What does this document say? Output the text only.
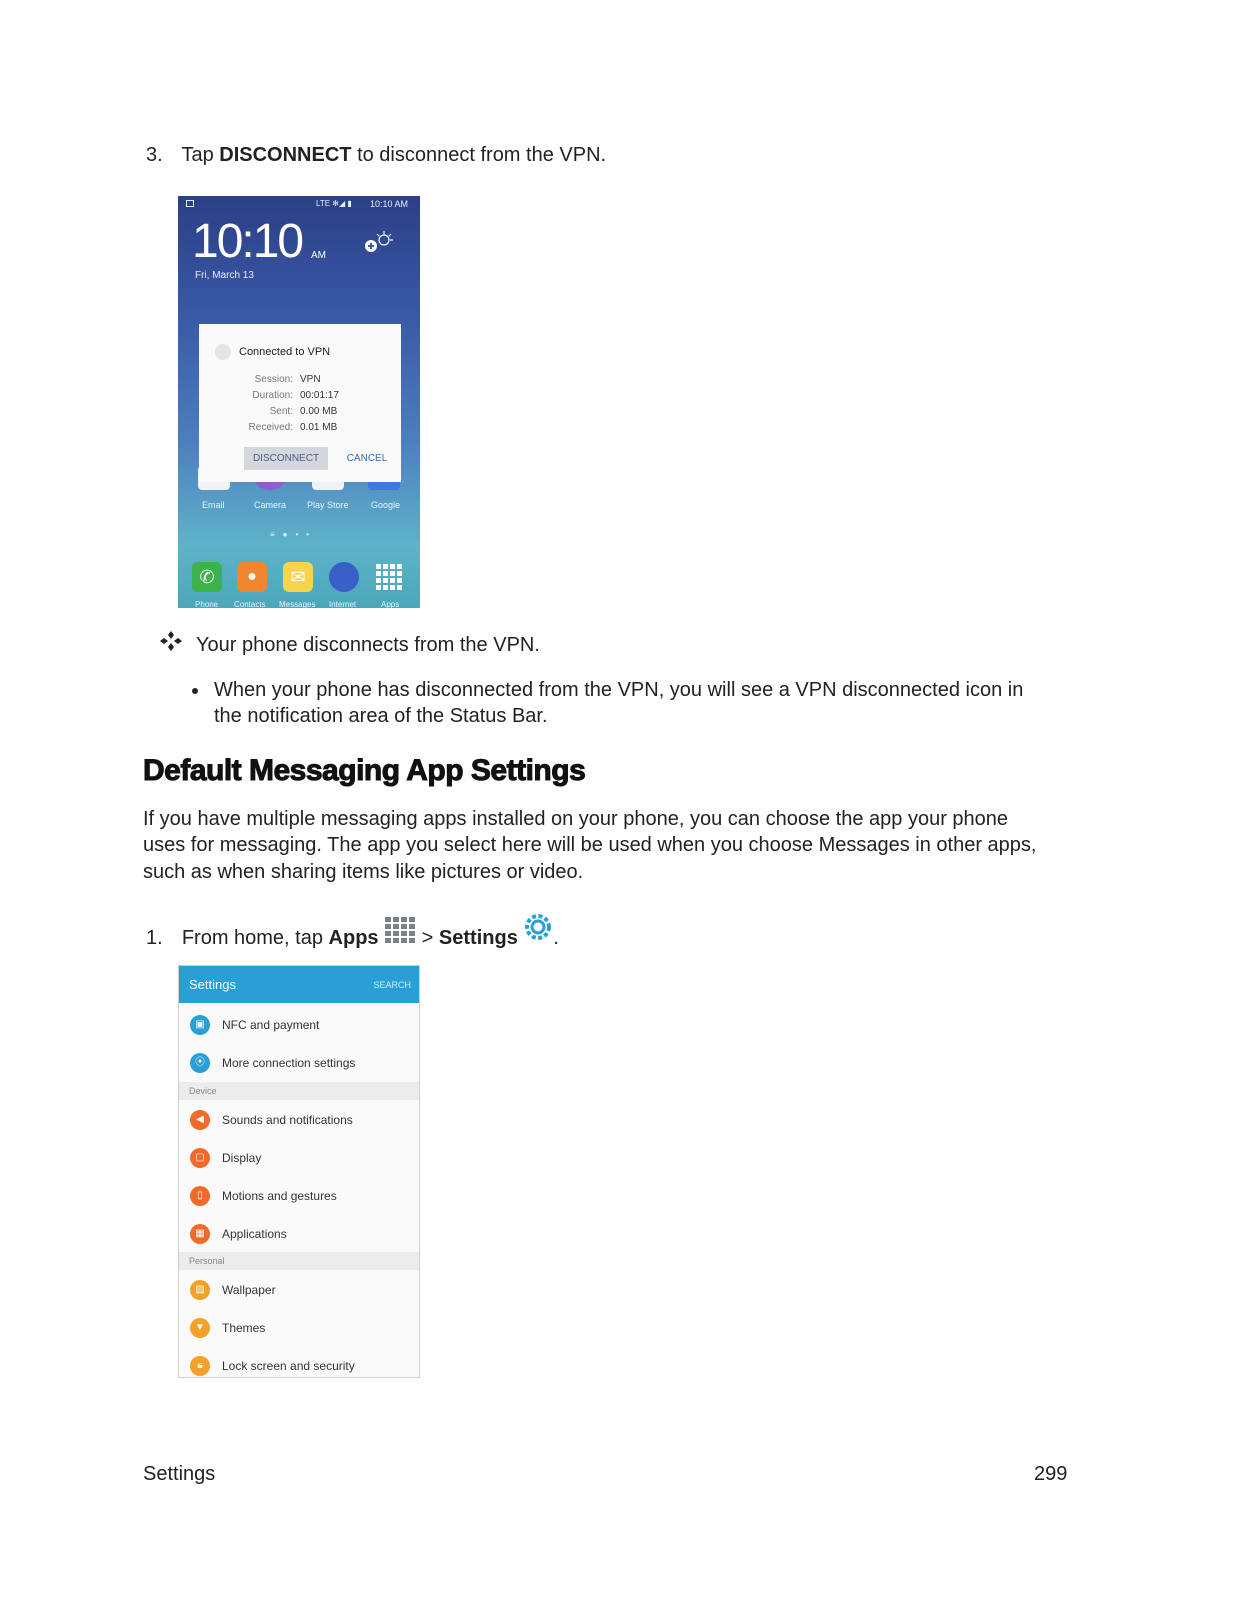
3. Tap DISCONNECT to disconnect from the VPN.
LTE ✻◢ ▮ 10:10 AM
10:10 AM
Fri, March 13
Connected to VPN
Session: VPN
Duration: 00:01:17
Sent: 0.00 MB
Received: 0.01 MB
DISCONNECT	CANCEL
Email	Camera Play Store Google
≡●••
✆	●	✉
Phone Contacts Messages Internet	Apps
Your phone disconnects from the VPN.
When your phone has disconnected from the VPN, you will see a VPN disconnected icon in
the notification area of the Status Bar.
Default Messaging App Settings
If you have multiple messaging apps installed on your phone, you can choose the app your phone
uses for messaging. The app you select here will be used when you choose Messages in other apps,
such as when sharing items like pictures or video.
1. From home, tap Apps > Settings .
Settings	SEARCH
▣	NFC and payment
⦿	More connection settings
Device
◀	Sounds and notifications
▢	Display
▯	Motions and gestures
▦	Applications
Personal
▨	Wallpaper
▼	Themes
🔒︎	Lock screen and security
Settings	299
